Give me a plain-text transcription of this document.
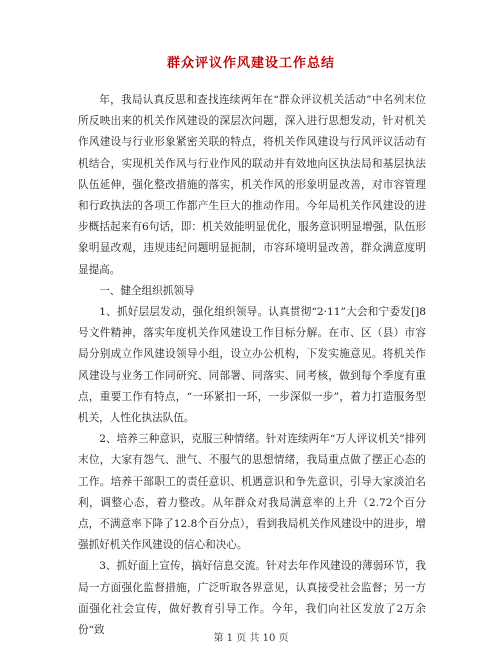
群众评议作风建设工作总结

年，我局认真反思和查找连续两年在“群众评议机关活动”中名列末位所反映出来的机关作风建设的深层次问题，深入进行思想发动，针对机关作风建设与行业形象紧密关联的特点，将机关作风建设与行风评议活动有机结合，实现机关作风与行业作风的联动并有效地向区执法局和基层执法队伍延伸，强化整改措施的落实，机关作风的形象明显改善，对市容管理和行政执法的各项工作都产生巨大的推动作用。今年局机关作风建设的进步概括起来有6句话，即：机关效能明显优化，服务意识明显增强，队伍形象明显改观，违规违纪问题明显扼制，市容环境明显改善，群众满意度明显提高。

一、健全组织抓领导

1、抓好层层发动，强化组织领导。认真贯彻“2·11”大会和宁委发[]8号文件精神，落实年度机关作风建设工作目标分解。在市、区（县）市容局分别成立作风建设领导小组，设立办公机构，下发实施意见。将机关作风建设与业务工作同研究、同部署、同落实、同考核，做到每个季度有重点，重要工作有特点，“一环紧扣一环，一步深似一步”，着力打造服务型机关，人性化执法队伍。

2、培养三种意识，克服三种情绪。针对连续两年“万人评议机关”排列末位，大家有怨气、泄气、不服气的思想情绪，我局重点做了摆正心态的工作。培养干部职工的责任意识、机遇意识和争先意识，引导大家淡泊名利，调整心态，着力整改。从年群众对我局满意率的上升（2.72个百分点，不满意率下降了12.8个百分点），看到我局机关作风建设中的进步，增强抓好机关作风建设的信心和决心。

3、抓好面上宣传，搞好信息交流。针对去年作风建设的薄弱环节，我局一方面强化监督措施，广泛听取各界意见，认真接受社会监督；另一方面强化社会宣传，做好教育引导工作。今年，我们向社区发放了2万余份“致

第 1 页 共 10 页
